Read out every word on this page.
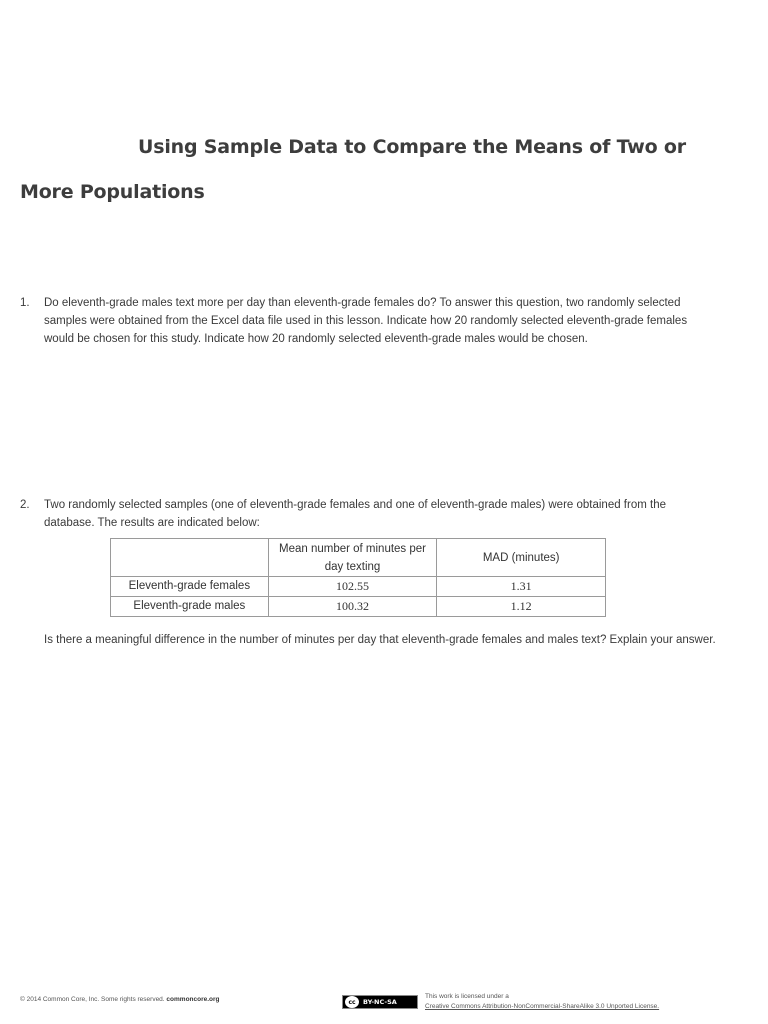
Using Sample Data to Compare the Means of Two or
More Populations
1. Do eleventh-grade males text more per day than eleventh-grade females do? To answer this question, two randomly selected samples were obtained from the Excel data file used in this lesson. Indicate how 20 randomly selected eleventh-grade females would be chosen for this study. Indicate how 20 randomly selected eleventh-grade males would be chosen.
2. Two randomly selected samples (one of eleventh-grade females and one of eleventh-grade males) were obtained from the database. The results are indicated below:
	Mean number of minutes per day texting	MAD (minutes)
Eleventh-grade females	102.55	1.31
Eleventh-grade males	100.32	1.12
Is there a meaningful difference in the number of minutes per day that eleventh-grade females and males text? Explain your answer.
© 2014 Common Core, Inc. Some rights reserved. commoncore.org	cc	BY-NC-SA
This work is licensed under a
Creative Commons Attribution-NonCommercial-ShareAlike 3.0 Unported License.
